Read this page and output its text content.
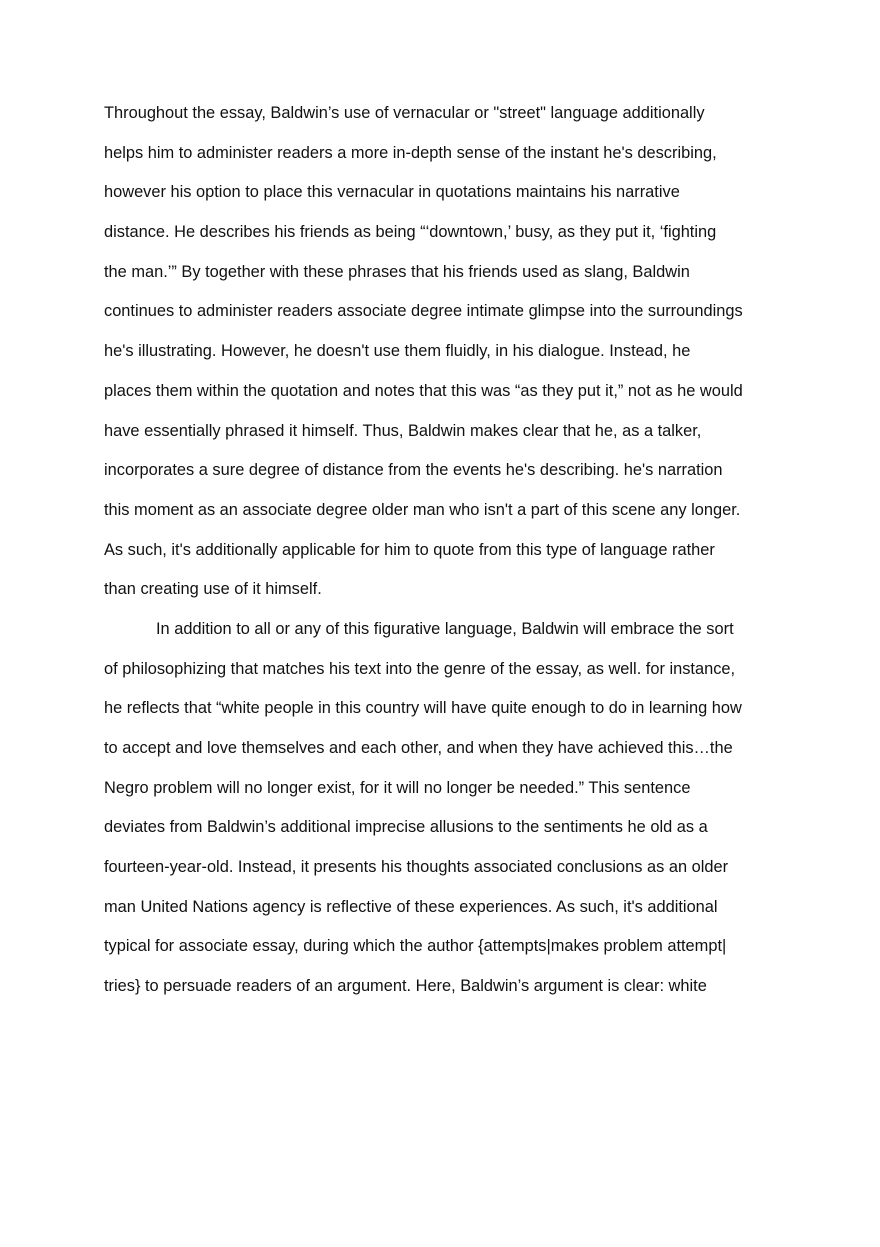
Throughout the essay, Baldwin’s use of vernacular or "street" language additionally
helps him to administer readers a more in-depth sense of the instant he's describing,
however his option to place this vernacular in quotations maintains his narrative
distance. He describes his friends as being “‘downtown,’ busy, as they put it, ‘fighting
the man.’” By together with these phrases that his friends used as slang, Baldwin
continues to administer readers associate degree intimate glimpse into the surroundings
he's illustrating. However, he doesn't use them fluidly, in his dialogue. Instead, he
places them within the quotation and notes that this was “as they put it,” not as he would
have essentially phrased it himself. Thus, Baldwin makes clear that he, as a talker,
incorporates a sure degree of distance from the events he's describing. he's narration
this moment as an associate degree older man who isn't a part of this scene any longer.
As such, it's additionally applicable for him to quote from this type of language rather
than creating use of it himself.
In addition to all or any of this figurative language, Baldwin will embrace the sort
of philosophizing that matches his text into the genre of the essay, as well. for instance,
he reflects that “white people in this country will have quite enough to do in learning how
to accept and love themselves and each other, and when they have achieved this…the
Negro problem will no longer exist, for it will no longer be needed.” This sentence
deviates from Baldwin’s additional imprecise allusions to the sentiments he old as a
fourteen-year-old. Instead, it presents his thoughts associated conclusions as an older
man United Nations agency is reflective of these experiences. As such, it's additional
typical for associate essay, during which the author {attempts|makes problem attempt|
tries} to persuade readers of an argument. Here, Baldwin’s argument is clear: white
